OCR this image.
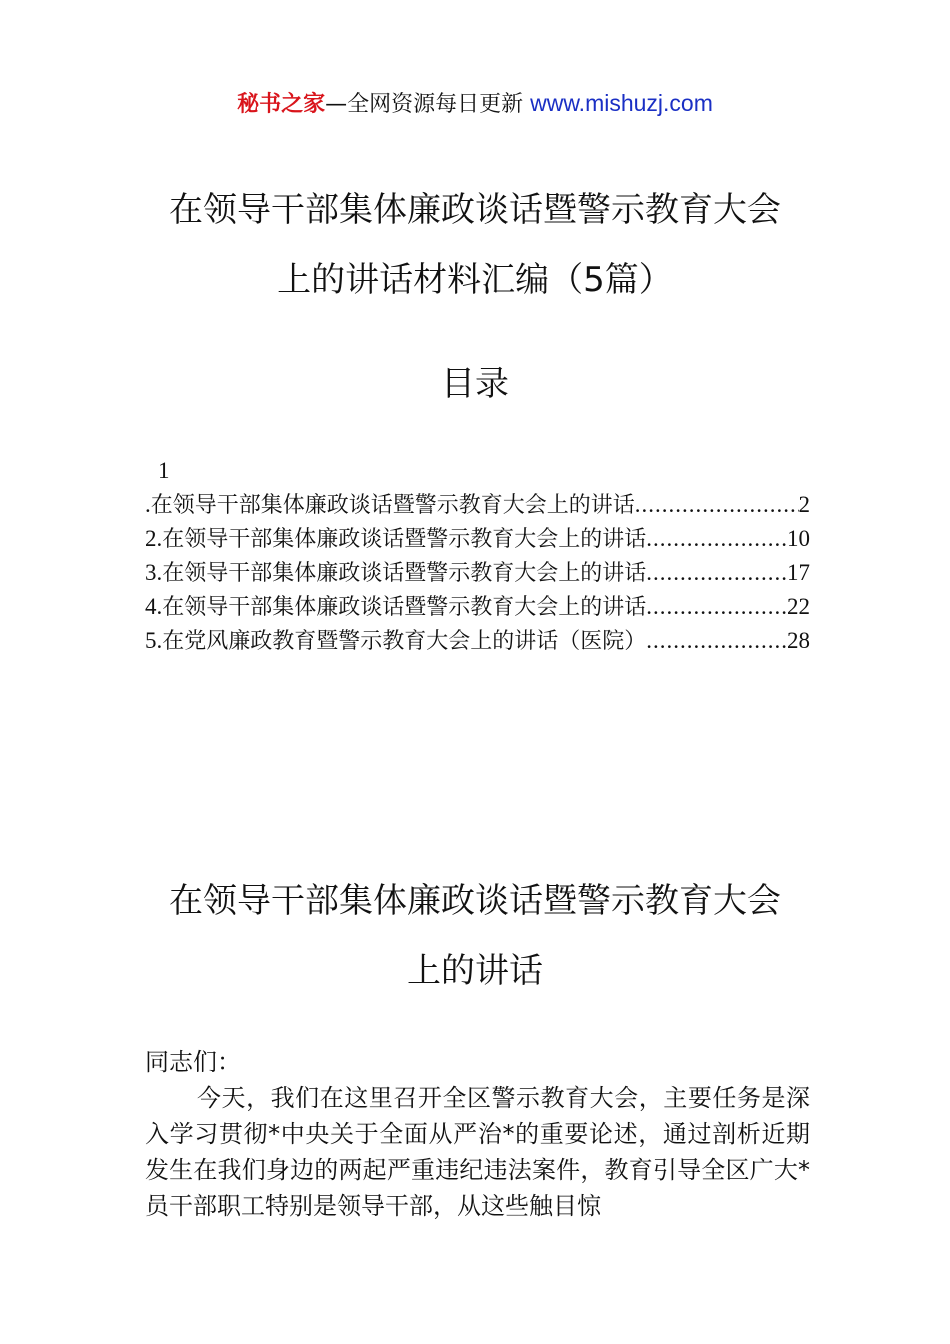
秘书之家—全网资源每日更新 www.mishuzj.com
在领导干部集体廉政谈话暨警示教育大会
上的讲话材料汇编（5篇）
目录
1
. 在领导干部集体廉政谈话暨警示教育大会上的讲话 .....	2
2. 在领导干部集体廉政谈话暨警示教育大会上的讲话 .....	10
3. 在领导干部集体廉政谈话暨警示教育大会上的讲话 .....	17
4. 在领导干部集体廉政谈话暨警示教育大会上的讲话 .....	22
5. 在党风廉政教育暨警示教育大会上的讲话（医院） .....	28
在领导干部集体廉政谈话暨警示教育大会
上的讲话
同志们：
今天，我们在这里召开全区警示教育大会，主要任务是深入学习贯彻*中央关于全面从严治*的重要论述，通过剖析近期发生在我们身边的两起严重违纪违法案件，教育引导全区广大*员干部职工特别是领导干部，从这些触目惊
